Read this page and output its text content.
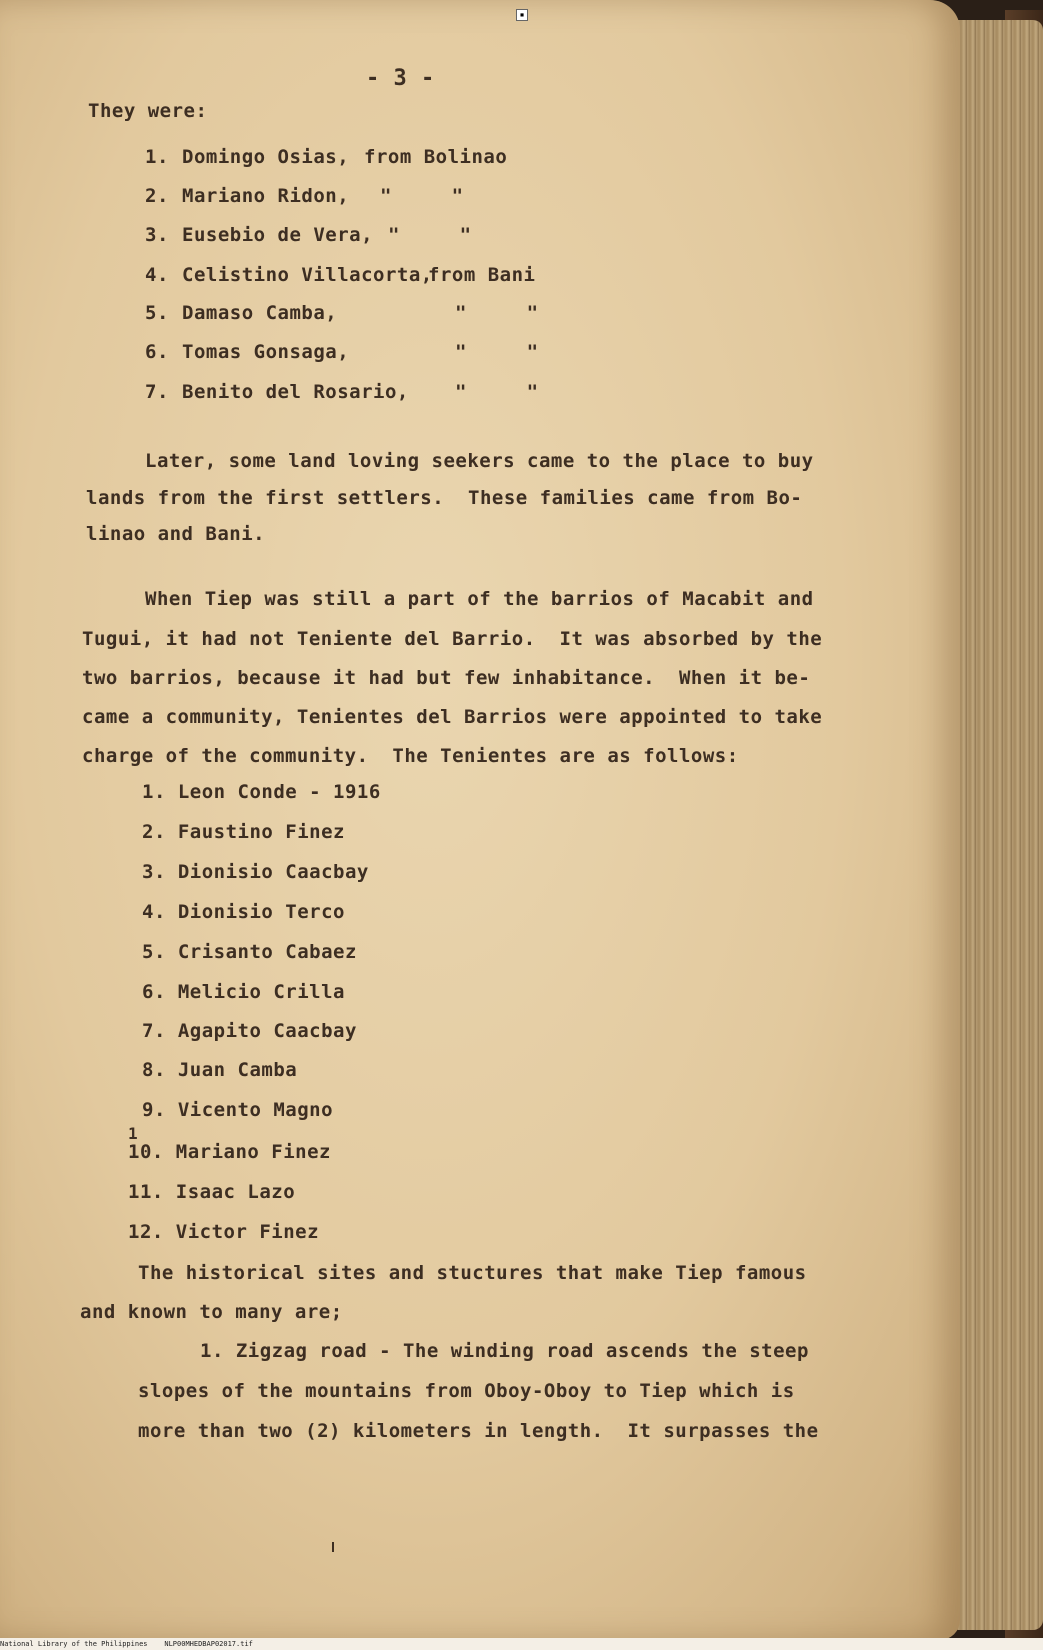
- 3 -
They were:
1. Domingo Osias, from Bolinao
2. Mariano Ridon, "     "
3. Eusebio de Vera, "     "
4. Celistino Villacorta,
from Bani
5. Damaso Camba,	"     "
6. Tomas Gonsaga,	"     "
7. Benito del Rosario, "     "
Later, some land loving seekers came to the place to buy
lands from the first settlers.  These families came from Bo-
linao and Bani.
When Tiep was still a part of the barrios of Macabit and
Tugui, it had not Teniente del Barrio.  It was absorbed by the
two barrios, because it had but few inhabitance.  When it be-
came a community, Tenientes del Barrios were appointed to take
charge of the community.  The Tenientes are as follows:
1. Leon Conde - 1916
2. Faustino Finez
3. Dionisio Caacbay
4. Dionisio Terco
5. Crisanto Cabaez
6. Melicio Crilla
7. Agapito Caacbay
8. Juan Camba
9. Vicento Magno
1
10. Mariano Finez
11. Isaac Lazo
12. Victor Finez
The historical sites and stuctures that make Tiep famous
and known to many are;
1. Zigzag road - The winding road ascends the steep
slopes of the mountains from Oboy-Oboy to Tiep which is
more than two (2) kilometers in length.  It surpasses the
▪
National Library of the Philippines NLP00MHEDBAP02017.tif
